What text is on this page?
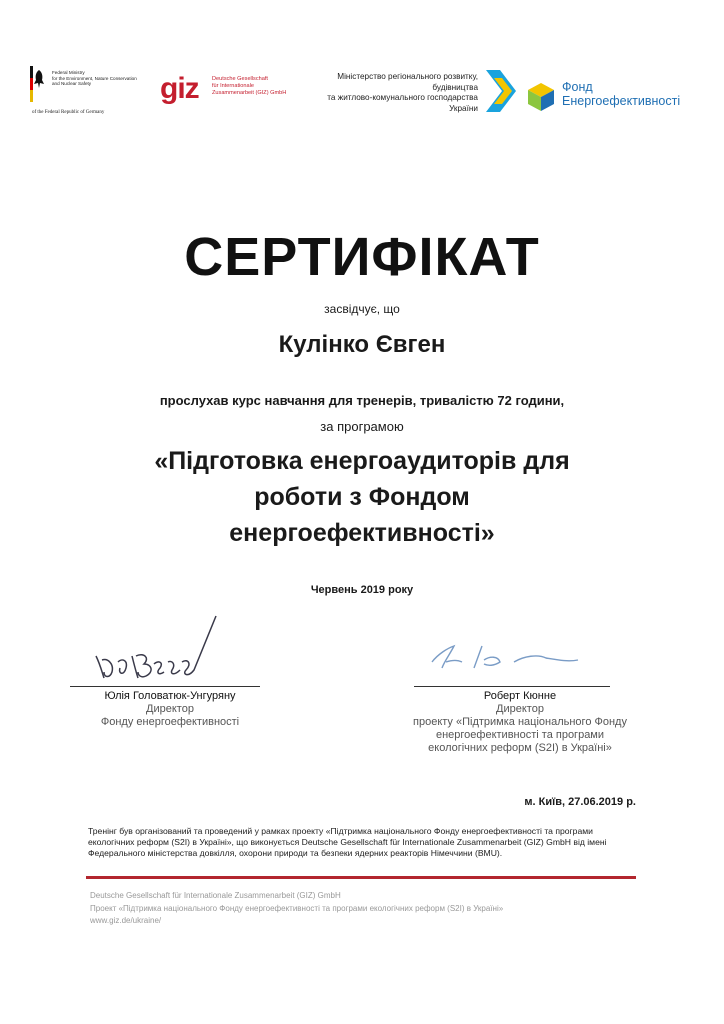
Federal Ministry
for the Environment, Nature Conservation
and Nuclear Safety
of the Federal Republic of Germany
giz Deutsche Gesellschaft
für Internationale
Zusammenarbeit (GIZ) GmbH
Міністерство регіонального розвитку,
будівництва
та житлово-комунального господарства
України
Фонд
Енергоефективності
СЕРТИФІКАТ
засвідчує, що
Кулінко Євген
прослухав курс навчання для тренерів, тривалістю 72 години,
за програмою
«Підготовка енергоаудиторів для
роботи з Фондом
енергоефективності»
Червень 2019 року
Юлія Головатюк-Унгуряну
Директор
Фонду енергоефективності
Роберт Кюнне
Директор
проекту «Підтримка національного Фонду
енергоефективності та програми
екологічних реформ (S2I) в Україні»
м. Київ, 27.06.2019 р.
Тренінг був організований та проведений у рамках проекту «Підтримка національного Фонду енергоефективності та програми екологічних реформ (S2I) в Україні», що виконується Deutsche Gesellschaft für Internationale Zusammenarbeit (GIZ) GmbH від імені Федерального міністерства довкілля, охорони природи та безпеки ядерних реакторів Німеччини (BMU).
Deutsche Gesellschaft für Internationale Zusammenarbeit (GIZ) GmbH
Проект «Підтримка національного Фонду енергоефективності та програми екологічних реформ (S2I) в Україні»
www.giz.de/ukraine/
